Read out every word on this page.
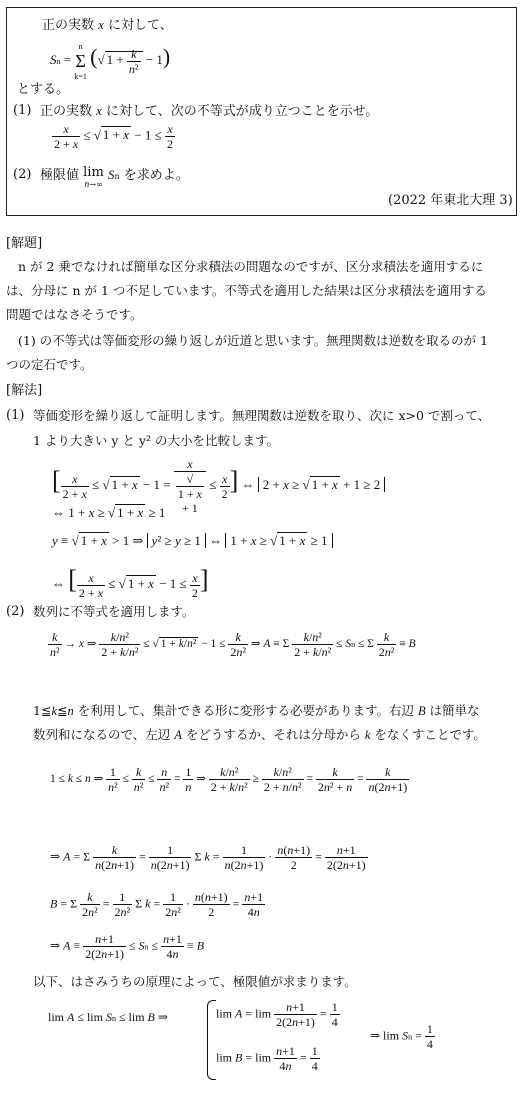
正の実数 x に対して、
Sn = n
Σ
k=1 (√ $1 + \frac{k}{\text{n²}} - 1$)
とする。
(1) 正の実数 x に対して、次の不等式が成り立つことを示せ。
$\frac{x}{2 + x}$ ≤ √ $1 + x - 1 \le \frac{x}{2}$
(2) 極限値 lim
n→∞ Sn を求めよ。
(2022 年東北大理 3)
[解題]
n が 2 乗でなければ簡単な区分求積法の問題なのですが、区分求積法を適用するに
は、分母に n が 1 つ不足しています。不等式を適用した結果は区分求積法を適用する
問題ではなさそうです。
(1) の不等式は等価変形の繰り返しが近道と思います。無理関数は逆数を取るのが 1
つの定石です。
[解法]
(1) 等価変形を繰り返して証明します。無理関数は逆数を取り、次に x>0 で割って、
1 より大きい y と y² の大小を比較します。
[ $\frac{x}{2 + x}$ ≤ √ 1 + x − 1 = x
√
1 + x
+ $1 \le \frac{x}{2}$ ] ⇔ 2 + x ≥ √ 1 + x + 1 ≥ 2
⇔ 1 + x ≥ √ 1 + x ≥ 1
y ≡ √ 1 + x > 1 ⇒ y² ≥ y ≥ 1 ⇔ 1 + x ≥ √ 1 + x ≥ 1
⇔ [ $\frac{x}{2 + x}$ ≤ √ $1 + x - 1 \le \frac{x}{2}$ ]
(2) 数列に不等式を適用します。
$\frac{k}{\text{n²}} \to x$ ⇒ $\frac{\text{k/n²}}{\text{2 + k/n²}}$ ≤ √ $1 + k/n^2 - 1 \le \frac{k}{\text{2n²}}$ ⇒ A ≡ Σ $\frac{\text{k/n²}}{\text{2 + k/n²}} \le Sn \le \Sigma \frac{k}{\text{2n²}} \equiv B$
1≦k≦n を利用して、集計できる形に変形する必要があります。右辺 B は簡単な
数列和になるので、左辺 A をどうするか、それは分母から k をなくすことです。
1 ≤ k ≤ n ⇒ $\frac{1}{\text{n²}} \le \frac{k}{\text{n²}} \le \frac{n}{\text{n²}} = \frac{1}{n}$ ⇒ $\frac{\text{k/n²}}{\text{2 + k/n²}} \ge \frac{\text{k/n²}}{\text{2 + n/n²}} = \frac{k}{\text{2n² + n}} = \frac{k}{n(2n+1)}$
⇒ A = Σ $\frac{k}{n(2n+1)} = \frac{1}{n(2n+1)}$ Σ $k = \frac{1}{n(2n+1)} \cdot \frac{n(n+1)}{2} = \frac{n+1}{2(2n+1)}$
B = Σ $\frac{k}{\text{2n²}} = \frac{1}{\text{2n²}}$ Σ $k = \frac{1}{\text{2n²}} \cdot \frac{n(n+1)}{2} = \frac{n+1}{4n}$
⇒ $A \equiv \frac{n+1}{2(2n+1)} \le Sn \le \frac{n+1}{4n} \equiv B$
以下、はさみうちの原理によって、極限値が求まります。
lim A ≤ lim Sn ≤ lim B ⇒	$\lim A = \lim \frac{n+1}{2(2n+1)} = \frac{1}{4}$
$\lim B = \lim \frac{n+1}{4n} = \frac{1}{4}$
⇒ $\lim Sn = \frac{1}{4}$
